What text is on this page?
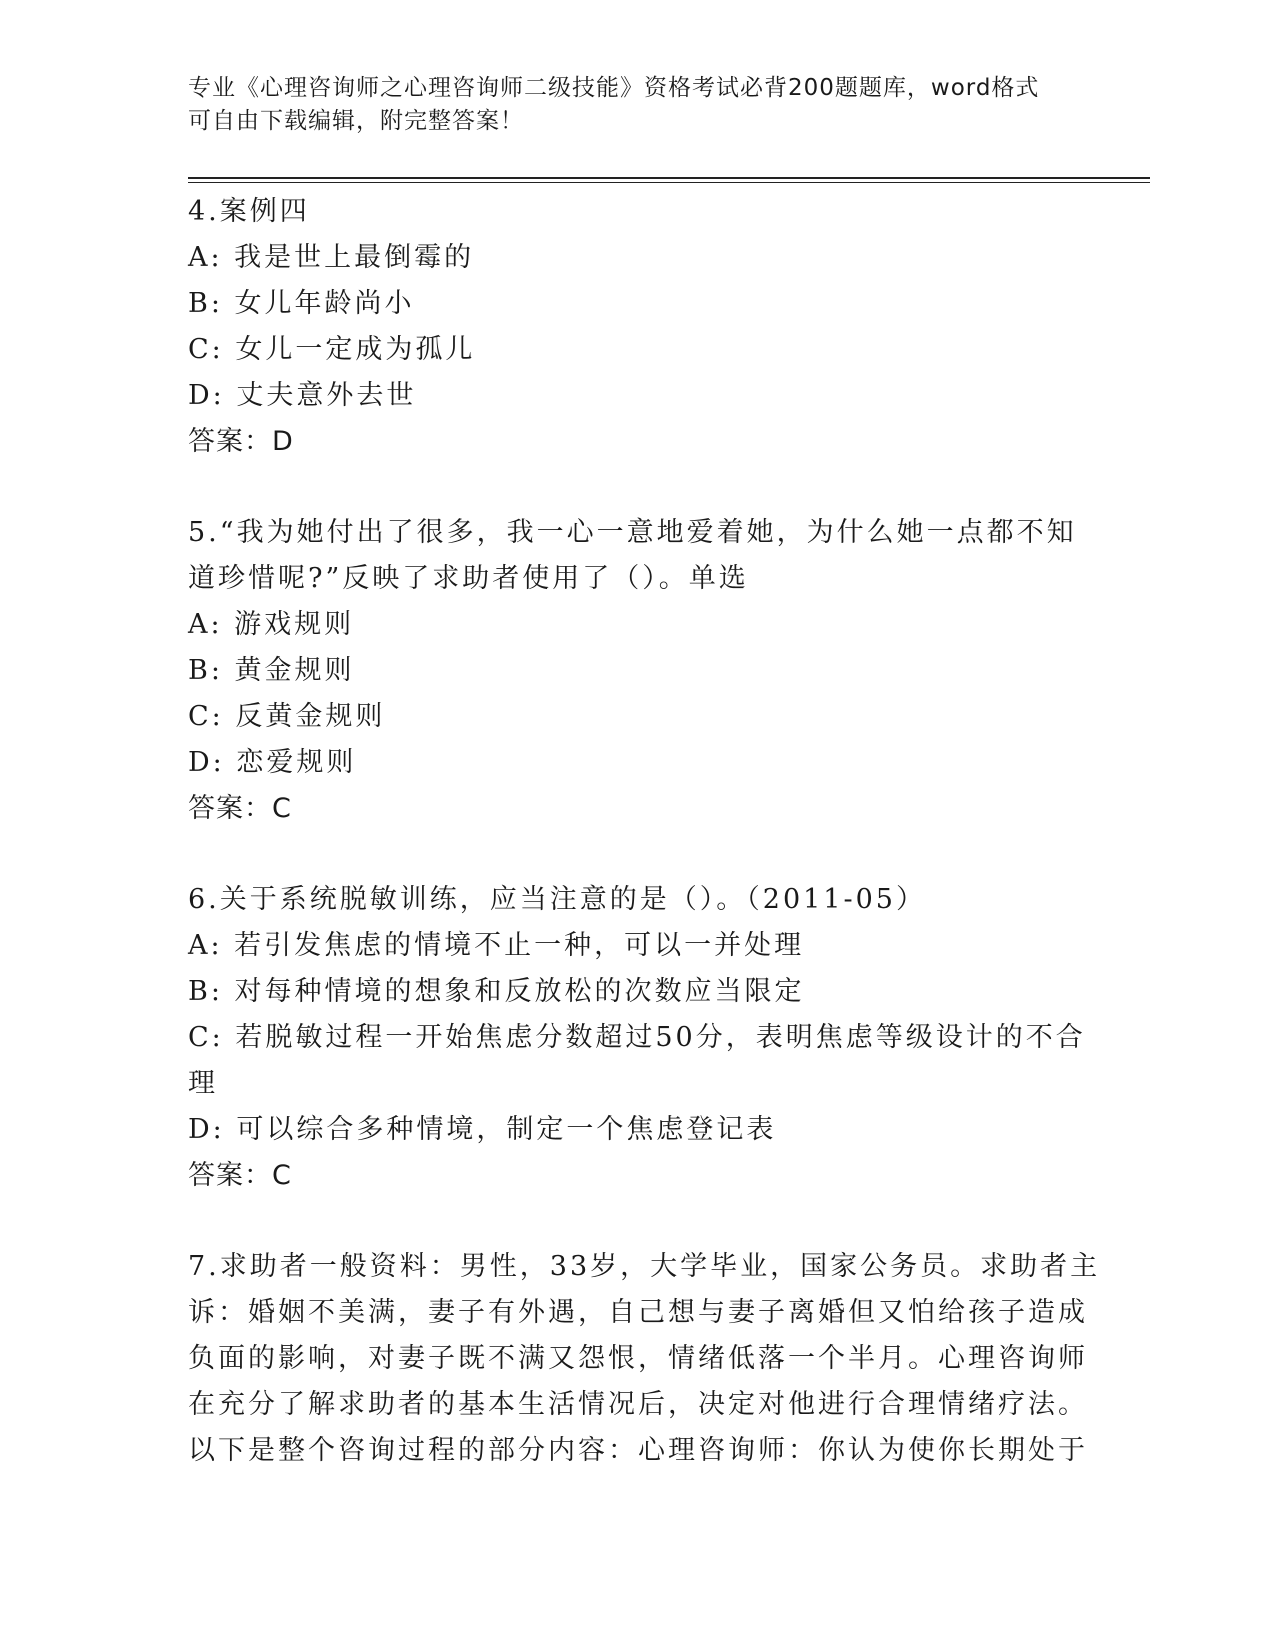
专业《心理咨询师之心理咨询师二级技能》资格考试必背200题题库，word格式
可自由下载编辑，附完整答案！

4.案例四

A: 我是世上最倒霉的

B: 女儿年龄尚小

C: 女儿一定成为孤儿

D: 丈夫意外去世

答案：D

5.“我为她付出了很多，我一心一意地爱着她，为什么她一点都不知

道珍惜呢?”反映了求助者使用了（）。单选

A: 游戏规则

B: 黄金规则

C: 反黄金规则

D: 恋爱规则

答案：C

6.关于系统脱敏训练，应当注意的是（）。（2011-05）

A: 若引发焦虑的情境不止一种，可以一并处理

B: 对每种情境的想象和反放松的次数应当限定

C: 若脱敏过程一开始焦虑分数超过50分，表明焦虑等级设计的不合

理

D: 可以综合多种情境，制定一个焦虑登记表

答案：C

7.求助者一般资料：男性，33岁，大学毕业，国家公务员。求助者主

诉：婚姻不美满，妻子有外遇，自己想与妻子离婚但又怕给孩子造成

负面的影响，对妻子既不满又怨恨，情绪低落一个半月。心理咨询师

在充分了解求助者的基本生活情况后，决定对他进行合理情绪疗法。

以下是整个咨询过程的部分内容：心理咨询师：你认为使你长期处于
